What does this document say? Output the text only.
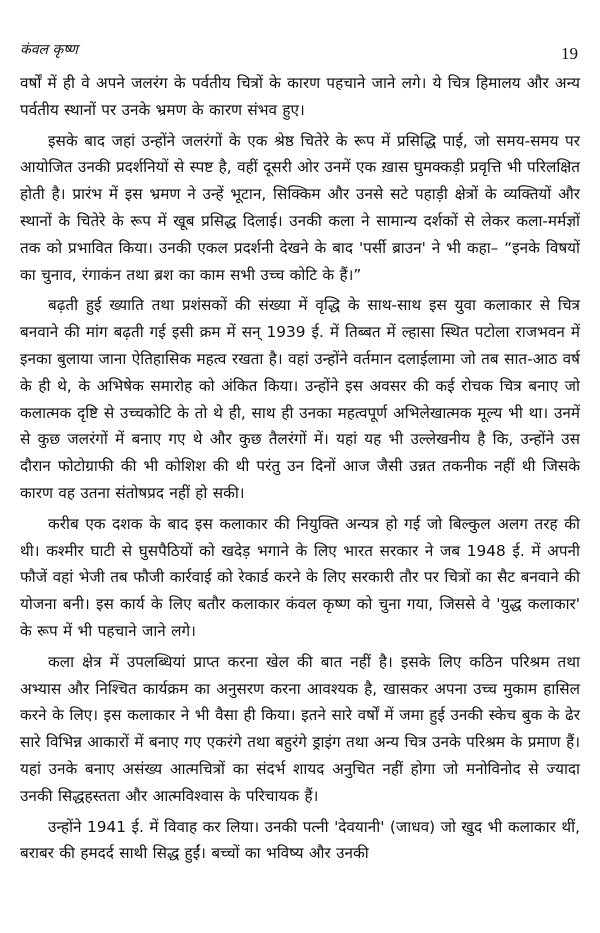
कंवल कृष्ण	19

वर्षों में ही वे अपने जलरंग के पर्वतीय चित्रों के कारण पहचाने जाने लगे। ये चित्र हिमालय और अन्य पर्वतीय स्थानों पर उनके भ्रमण के कारण संभव हुए।

इसके बाद जहां उन्होंने जलरंगों के एक श्रेष्ठ चितेरे के रूप में प्रसिद्धि पाई, जो समय-समय पर आयोजित उनकी प्रदर्शनियों से स्पष्ट है, वहीं दूसरी ओर उनमें एक ख़ास घुमक्कड़ी प्रवृत्ति भी परिलक्षित होती है। प्रारंभ में इस भ्रमण ने उन्हें भूटान, सिक्किम और उनसे सटे पहाड़ी क्षेत्रों के व्यक्तियों और स्थानों के चितेरे के रूप में खूब प्रसिद्ध दिलाई। उनकी कला ने सामान्य दर्शकों से लेकर कला-मर्मज्ञों तक को प्रभावित किया। उनकी एकल प्रदर्शनी देखने के बाद 'पर्सी ब्राउन' ने भी कहा– “इनके विषयों का चुनाव, रंगाकंन तथा ब्रश का काम सभी उच्च कोटि के हैं।”

बढ़ती हुई ख्याति तथा प्रशंसकों की संख्या में वृद्धि के साथ-साथ इस युवा कलाकार से चित्र बनवाने की मांग बढ़ती गई इसी क्रम में सन् 1939 ई. में तिब्बत में ल्हासा स्थित पटोला राजभवन में इनका बुलाया जाना ऐतिहासिक महत्व रखता है। वहां उन्होंने वर्तमान दलाईलामा जो तब सात-आठ वर्ष के ही थे, के अभिषेक समारोह को अंकित किया। उन्होंने इस अवसर की कई रोचक चित्र बनाए जो कलात्मक दृष्टि से उच्चकोटि के तो थे ही, साथ ही उनका महत्वपूर्ण अभिलेखात्मक मूल्य भी था। उनमें से कुछ जलरंगों में बनाए गए थे और कुछ तैलरंगों में। यहां यह भी उल्लेखनीय है कि, उन्होंने उस दौरान फोटोग्राफी की भी कोशिश की थी परंतु उन दिनों आज जैसी उन्नत तकनीक नहीं थी जिसके कारण वह उतना संतोषप्रद नहीं हो सकी।

करीब एक दशक के बाद इस कलाकार की नियुक्ति अन्यत्र हो गई जो बिल्कुल अलग तरह की थी। कश्मीर घाटी से घुसपैठियों को खदेड़ भगाने के लिए भारत सरकार ने जब 1948 ई. में अपनी फौजें वहां भेजी तब फौजी कार्रवाई को रेकार्ड करने के लिए सरकारी तौर पर चित्रों का सैट बनवाने की योजना बनी। इस कार्य के लिए बतौर कलाकार कंवल कृष्ण को चुना गया, जिससे वे 'युद्ध कलाकार' के रूप में भी पहचाने जाने लगे।

कला क्षेत्र में उपलब्धियां प्राप्त करना खेल की बात नहीं है। इसके लिए कठिन परिश्रम तथा अभ्यास और निश्चित कार्यक्रम का अनुसरण करना आवश्यक है, खासकर अपना उच्च मुकाम हासिल करने के लिए। इस कलाकार ने भी वैसा ही किया। इतने सारे वर्षों में जमा हुई उनकी स्केच बुक के ढेर सारे विभिन्न आकारों में बनाए गए एकरंगे तथा बहुरंगे ड्राइंग तथा अन्य चित्र उनके परिश्रम के प्रमाण हैं। यहां उनके बनाए असंख्य आत्मचित्रों का संदर्भ शायद अनुचित नहीं होगा जो मनोविनोद से ज्यादा उनकी सिद्धहस्तता और आत्मविश्वास के परिचायक हैं।

उन्होंने 1941 ई. में विवाह कर लिया। उनकी पत्नी 'देवयानी' (जाधव) जो खुद भी कलाकार थीं, बराबर की हमदर्द साथी सिद्ध हुईं। बच्चों का भविष्य और उनकी
